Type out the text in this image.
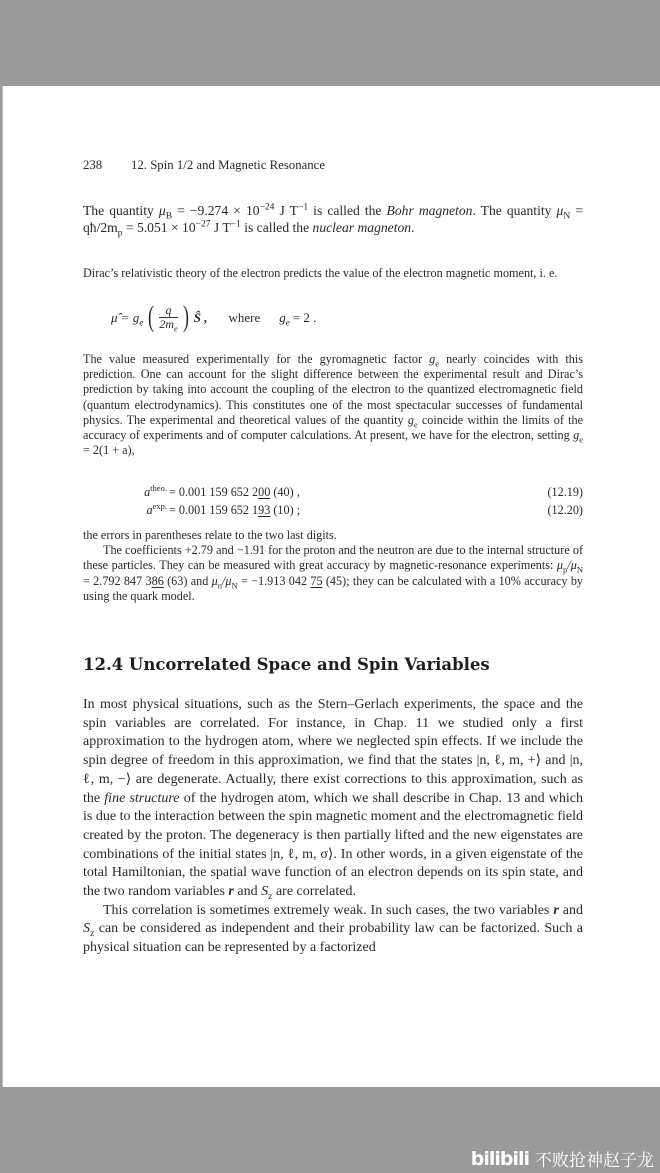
238 12. Spin 1/2 and Magnetic Resonance

The quantity $\mu_B = -9.274 \times 10^{-24}$ J $T^{-1}$ is called the Bohr magneton. The quantity $\mu_N$ = $qħ/2m_p = 5.051 \times 10^{-27}$ J $T^{-1}$ is called the nuclear magneton.

Dirac’s relativistic theory of the electron predicts the value of the electron magnetic moment, i. e.

μ̂ = $g_e$ ( $\frac{q}{2m_e}$ ) Ŝ , where $g_e = 2$ .

The value measured experimentally for the gyromagnetic factor $g_e$ nearly coincides with this prediction. One can account for the slight difference between the experimental result and Dirac’s prediction by taking into account the coupling of the electron to the quantized electromagnetic field (quantum electrodynamics). This constitutes one of the most spectacular successes of fundamental physics. The experimental and theoretical values of the quantity $g_e$ coincide within the limits of the accuracy of experiments and of computer calculations. At present, we have for the electron, setting $g_e = 2(1 + a)$,

$a^{theo.} = 0.001$ 159 652 200 (40) ,	(12.19)
$a^{exp.} = 0.001$ 159 652 193 (10) ;	(12.20)

the errors in parentheses relate to the two last digits.

The coefficients +2.79 and −1.91 for the proton and the neutron are due to the internal structure of these particles. They can be measured with great accuracy by magnetic-resonance experiments: $\mu_p/\mu_N = 2.792$ 847 386 (63) and $\mu_n/\mu_N = -1.913$ 042 75 (45); they can be calculated with a 10% accuracy by using the quark model.

12.4 Uncorrelated Space and Spin Variables

In most physical situations, such as the Stern–Gerlach experiments, the space and the spin variables are correlated. For instance, in Chap. 11 we studied only a first approximation to the hydrogen atom, where we neglected spin effects. If we include the spin degree of freedom in this approximation, we find that the states |n, ℓ, m, +⟩ and |n, ℓ, m, −⟩ are degenerate. Actually, there exist corrections to this approximation, such as the fine structure of the hydrogen atom, which we shall describe in Chap. 13 and which is due to the interaction between the spin magnetic moment and the electromagnetic field created by the proton. The degeneracy is then partially lifted and the new eigenstates are combinations of the initial states |n, ℓ, m, σ⟩. In other words, in a given eigenstate of the total Hamiltonian, the spatial wave function of an electron depends on its spin state, and the two random variables r and $S_z$ are correlated.

This correlation is sometimes extremely weak. In such cases, the two variables r and $S_z$ can be considered as independent and their probability law can be factorized. Such a physical situation can be represented by a factorized

bilibili 不败抢神赵子龙
